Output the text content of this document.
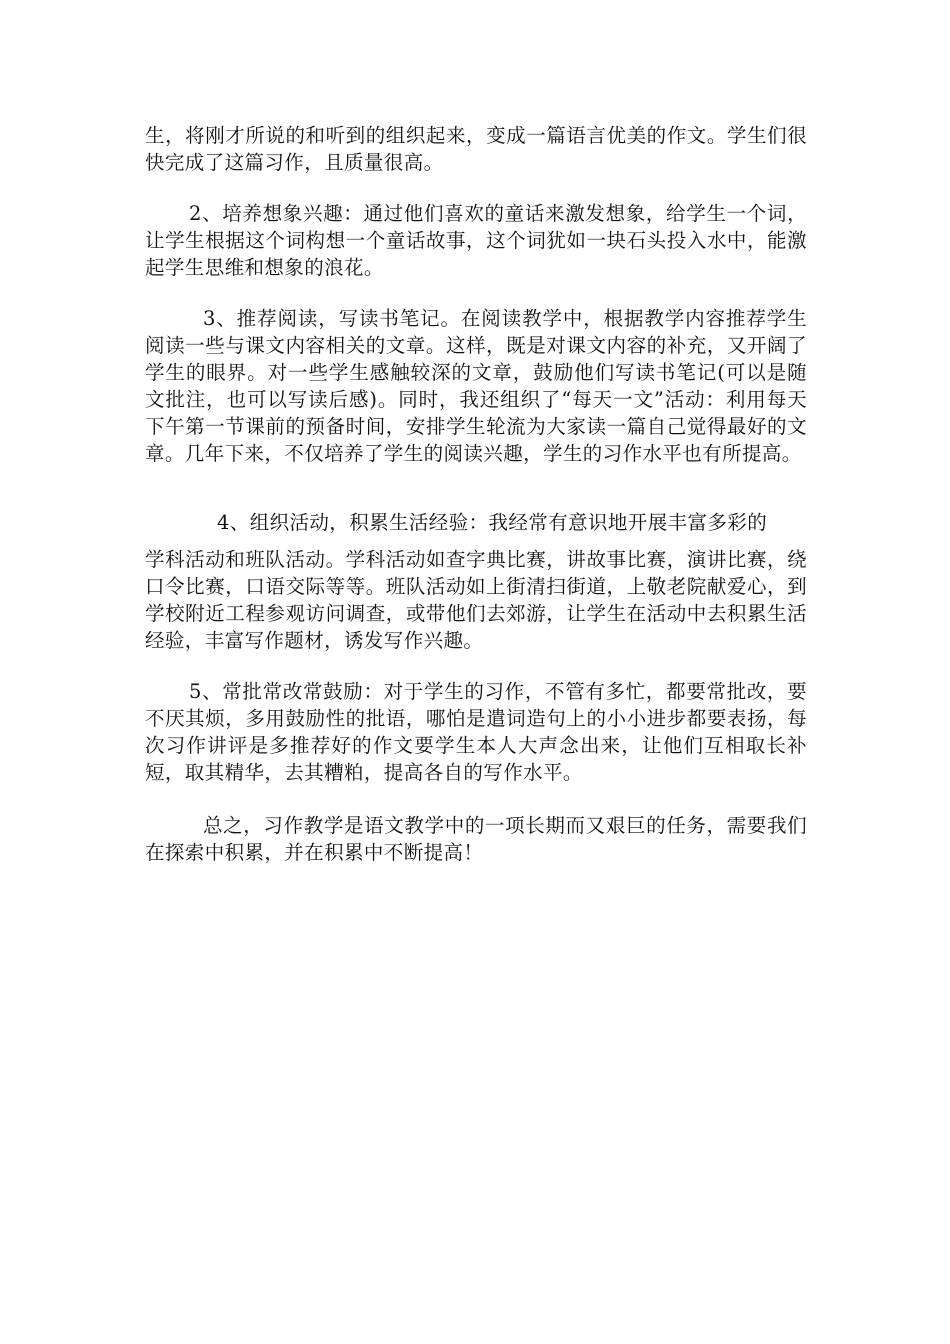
生，将刚才所说的和听到的组织起来，变成一篇语言优美的作文。学生们很快完成了这篇习作，且质量很高。

2、培养想象兴趣：通过他们喜欢的童话来激发想象，给学生一个词，让学生根据这个词构想一个童话故事，这个词犹如一块石头投入水中，能激起学生思维和想象的浪花。

3、推荐阅读，写读书笔记。在阅读教学中，根据教学内容推荐学生阅读一些与课文内容相关的文章。这样，既是对课文内容的补充，又开阔了学生的眼界。对一些学生感触较深的文章，鼓励他们写读书笔记(可以是随文批注，也可以写读后感)。同时，我还组织了“每天一文”活动：利用每天下午第一节课前的预备时间，安排学生轮流为大家读一篇自己觉得最好的文章。几年下来，不仅培养了学生的阅读兴趣，学生的习作水平也有所提高。

4、组织活动，积累生活经验：我经常有意识地开展丰富多彩的

学科活动和班队活动。学科活动如查字典比赛，讲故事比赛，演讲比赛，绕口令比赛，口语交际等等。班队活动如上街清扫街道，上敬老院献爱心，到学校附近工程参观访问调查，或带他们去郊游，让学生在活动中去积累生活经验，丰富写作题材，诱发写作兴趣。

5、常批常改常鼓励：对于学生的习作，不管有多忙，都要常批改，要不厌其烦，多用鼓励性的批语，哪怕是遣词造句上的小小进步都要表扬，每次习作讲评是多推荐好的作文要学生本人大声念出来，让他们互相取长补短，取其精华，去其糟粕，提高各自的写作水平。

总之，习作教学是语文教学中的一项长期而又艰巨的任务，需要我们在探索中积累，并在积累中不断提高！
